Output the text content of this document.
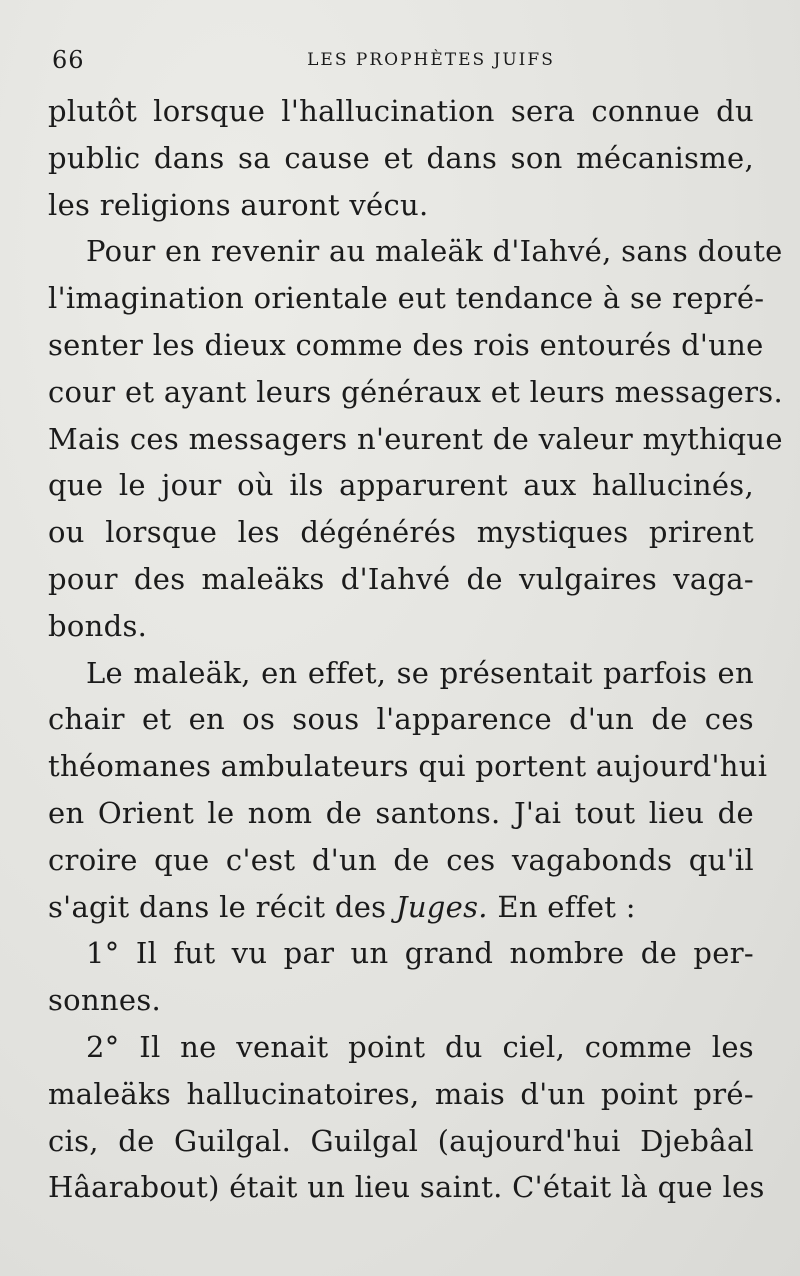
66	LES PROPHÈTES JUIFS

plutôt lorsque l'hallucination sera connue du
public dans sa cause et dans son mécanisme,
les religions auront vécu.

Pour en revenir au maleäk d'Iahvé, sans doute
l'imagination orientale eut tendance à se repré-
senter les dieux comme des rois entourés d'une
cour et ayant leurs généraux et leurs messagers.
Mais ces messagers n'eurent de valeur mythique
que le jour où ils apparurent aux hallucinés,
ou lorsque les dégénérés mystiques prirent
pour des maleäks d'Iahvé de vulgaires vaga-
bonds.

Le maleäk, en effet, se présentait parfois en
chair et en os sous l'apparence d'un de ces
théomanes ambulateurs qui portent aujourd'hui
en Orient le nom de santons. J'ai tout lieu de
croire que c'est d'un de ces vagabonds qu'il
s'agit dans le récit des Juges. En effet :

1° Il fut vu par un grand nombre de per-
sonnes.

2° Il ne venait point du ciel, comme les
maleäks hallucinatoires, mais d'un point pré-
cis, de Guilgal. Guilgal (aujourd'hui Djebâal
Hâarabout) était un lieu saint. C'était là que les
